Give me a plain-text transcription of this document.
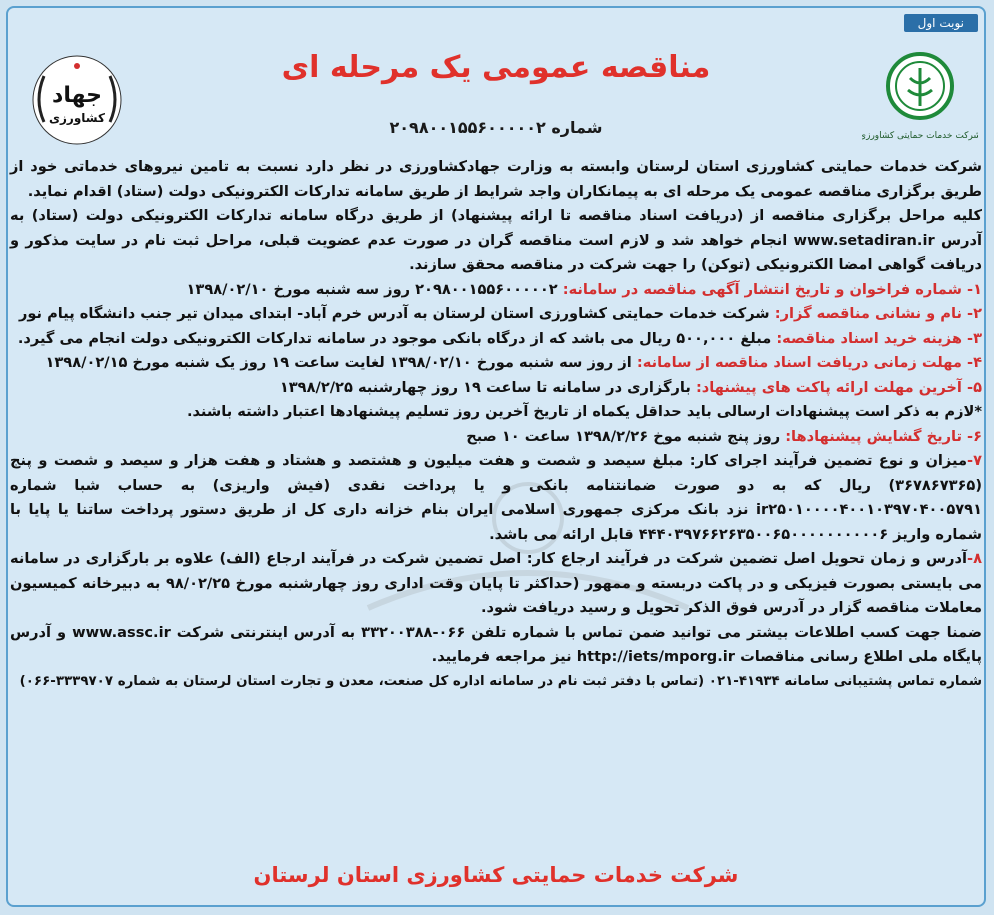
نوبت اول
جهاد
کشاورزی
شرکت خدمات حمایتی کشاورزی
مناقصه عمومی یک مرحله ای
شماره ۲۰۹۸۰۰۱۵۵۶۰۰۰۰۰۲

شرکت خدمات حمایتی کشاورزی استان لرستان وابسته به وزارت جهادکشاورزی در نظر دارد نسبت به تامین نیروهای خدماتی خود از طریق برگزاری مناقصه عمومی یک مرحله ای به پیمانکاران واجد شرایط از طریق سامانه تدارکات الکترونیکی دولت (ستاد) اقدام نماید.

کلیه مراحل برگزاری مناقصه از (دریافت اسناد مناقصه تا ارائه پیشنهاد) از طریق درگاه سامانه تدارکات الکترونیکی دولت (ستاد) به آدرس www.setadiran.ir انجام خواهد شد و لازم است مناقصه گران در صورت عدم عضویت قبلی، مراحل ثبت نام در سایت مذکور و دریافت گواهی امضا الکترونیکی (توکن) را جهت شرکت در مناقصه محقق سازند.

۱- شماره فراخوان و تاریخ انتشار آگهی مناقصه در سامانه: ۲۰۹۸۰۰۱۵۵۶۰۰۰۰۰۲ روز سه شنبه مورخ ۱۳۹۸/۰۲/۱۰

۲- نام و نشانی مناقصه گزار: شرکت خدمات حمایتی کشاورزی استان لرستان به آدرس خرم آباد- ابتدای میدان تیر جنب دانشگاه پیام نور

۳- هزینه خرید اسناد مناقصه: مبلغ ۵۰۰,۰۰۰ ریال می باشد که از درگاه بانکی موجود در سامانه تدارکات الکترونیکی دولت انجام می گیرد.

۴- مهلت زمانی دریافت اسناد مناقصه از سامانه: از روز سه شنبه مورخ ۱۳۹۸/۰۲/۱۰ لغایت ساعت ۱۹ روز یک شنبه مورخ ۱۳۹۸/۰۲/۱۵

۵- آخرین مهلت ارائه پاکت های پیشنهاد: بارگزاری در سامانه تا ساعت ۱۹ روز چهارشنبه ۱۳۹۸/۲/۲۵

*لازم به ذکر است پیشنهادات ارسالی باید حداقل یکماه از تاریخ آخرین روز تسلیم پیشنهادها اعتبار داشته باشند.

۶- تاریخ گشایش پیشنهادها: روز پنج شنبه موخ ۱۳۹۸/۲/۲۶ ساعت ۱۰ صبح

۷-میزان و نوع تضمین فرآیند اجرای کار: مبلغ سیصد و شصت و هفت میلیون و هشتصد و هشتاد و هفت هزار و سیصد و شصت و پنج (۳۶۷۸۶۷۳۶۵) ریال که به دو صورت ضمانتنامه بانکی و یا پرداخت نقدی (فیش واریزی) به حساب شبا شماره ir۲۵۰۱۰۰۰۰۴۰۰۱۰۳۹۷۰۴۰۰۵۷۹۱ نزد بانک مرکزی جمهوری اسلامی ایران بنام خزانه داری کل از طریق دستور پرداخت ساتنا یا پایا با شماره واریز ۴۴۴۰۳۹۷۶۶۲۶۳۵۰۰۶۵۰۰۰۰۰۰۰۰۰۰۶ قابل ارائه می باشد.

۸-آدرس و زمان تحویل اصل تضمین شرکت در فرآیند ارجاع کار: اصل تضمین شرکت در فرآیند ارجاع (الف) علاوه بر بارگزاری در سامانه می بایستی بصورت فیزیکی و در پاکت دربسته و ممهور (حداکثر تا پایان وقت اداری روز چهارشنبه مورخ ۹۸/۰۲/۲۵ به دبیرخانه کمیسیون معاملات مناقصه گزار در آدرس فوق الذکر تحویل و رسید دریافت شود.

ضمنا جهت کسب اطلاعات بیشتر می توانید ضمن تماس با شماره تلفن ۰۶۶-۳۳۲۰۰۳۸۸ به آدرس اینترنتی شرکت www.assc.ir و آدرس پایگاه ملی اطلاع رسانی مناقصات http://iets/mporg.ir نیز مراجعه فرمایید.

شماره تماس پشتیبانی سامانه ۴۱۹۳۴-۰۲۱ (تماس با دفتر ثبت نام در سامانه اداره کل صنعت، معدن و تجارت استان لرستان به شماره ۳۳۳۹۷۰۷-۰۶۶)

شرکت خدمات حمایتی کشاورزی استان لرستان
